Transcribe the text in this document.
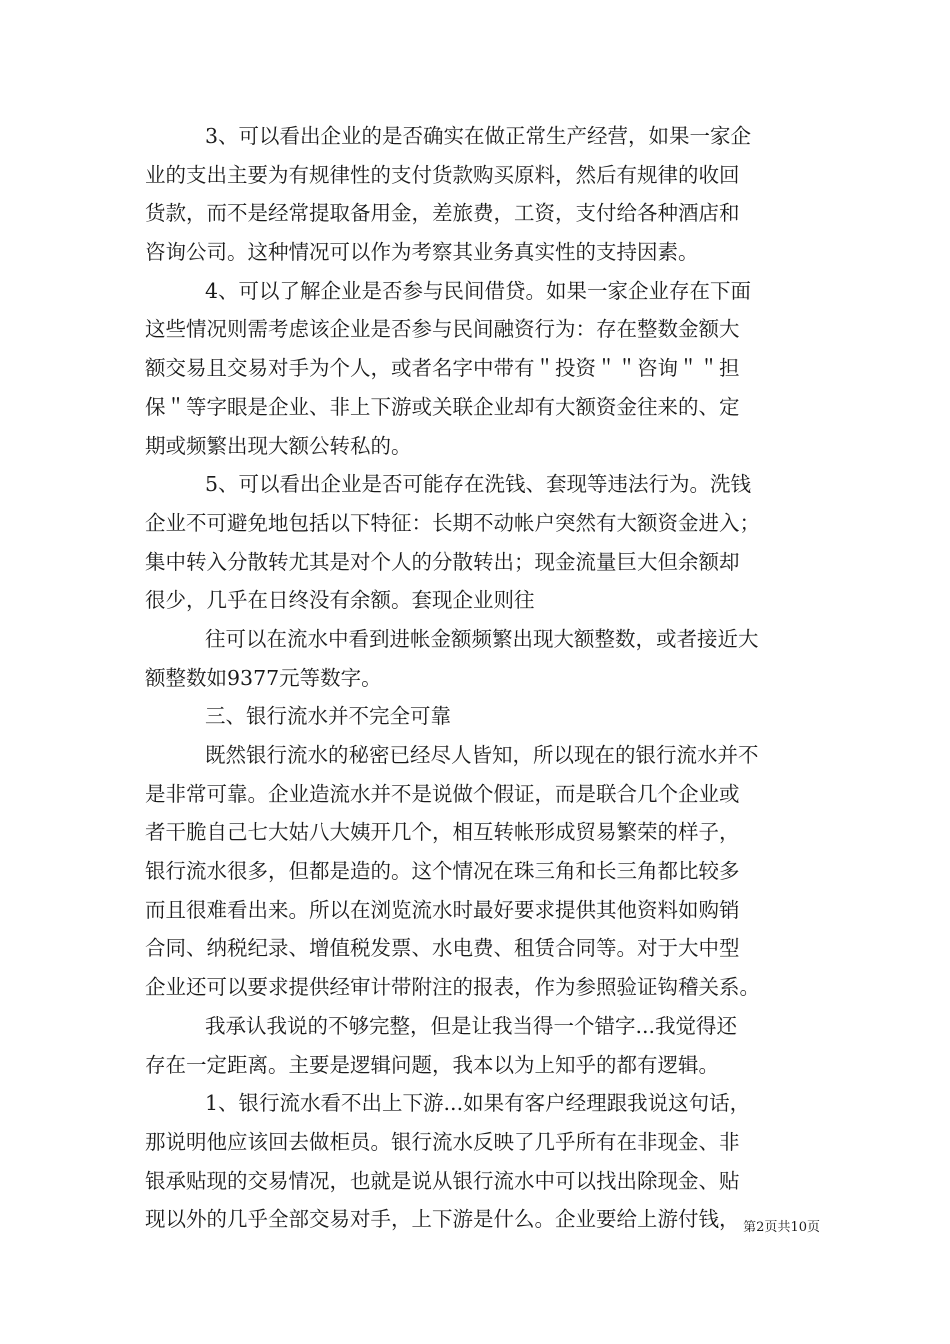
3、可以看出企业的是否确实在做正常生产经营，如果一家企
业的支出主要为有规律性的支付货款购买原料，然后有规律的收回
货款，而不是经常提取备用金，差旅费，工资，支付给各种酒店和
咨询公司。这种情况可以作为考察其业务真实性的支持因素。
4、可以了解企业是否参与民间借贷。如果一家企业存在下面
这些情况则需考虑该企业是否参与民间融资行为：存在整数金额大
额交易且交易对手为个人，或者名字中带有＂投资＂＂咨询＂＂担
保＂等字眼是企业、非上下游或关联企业却有大额资金往来的、定
期或频繁出现大额公转私的。
5、可以看出企业是否可能存在洗钱、套现等违法行为。洗钱
企业不可避免地包括以下特征：长期不动帐户突然有大额资金进入；
集中转入分散转尤其是对个人的分散转出；现金流量巨大但余额却
很少，几乎在日终没有余额。套现企业则往
往可以在流水中看到进帐金额频繁出现大额整数，或者接近大
额整数如9377元等数字。
三、银行流水并不完全可靠
既然银行流水的秘密已经尽人皆知，所以现在的银行流水并不
是非常可靠。企业造流水并不是说做个假证，而是联合几个企业或
者干脆自己七大姑八大姨开几个，相互转帐形成贸易繁荣的样子，
银行流水很多，但都是造的。这个情况在珠三角和长三角都比较多
而且很难看出来。所以在浏览流水时最好要求提供其他资料如购销
合同、纳税纪录、增值税发票、水电费、租赁合同等。对于大中型
企业还可以要求提供经审计带附注的报表，作为参照验证钩稽关系。
我承认我说的不够完整，但是让我当得一个错字...我觉得还
存在一定距离。主要是逻辑问题，我本以为上知乎的都有逻辑。
1、银行流水看不出上下游...如果有客户经理跟我说这句话，
那说明他应该回去做柜员。银行流水反映了几乎所有在非现金、非
银承贴现的交易情况，也就是说从银行流水中可以找出除现金、贴
现以外的几乎全部交易对手，上下游是什么。企业要给上游付钱， 第2页共10页
